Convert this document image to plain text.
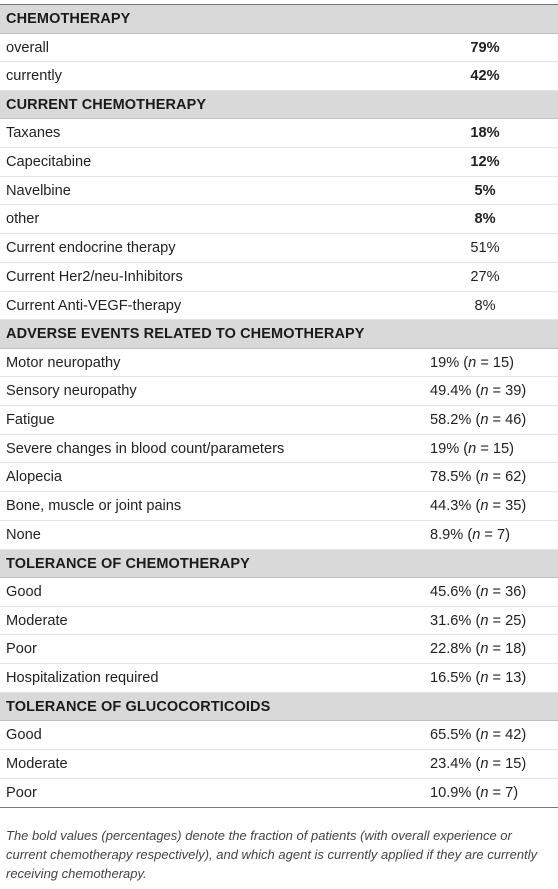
CHEMOTHERAPY
overall	79%
currently	42%
CURRENT CHEMOTHERAPY
Taxanes	18%
Capecitabine	12%
Navelbine	5%
other	8%
Current endocrine therapy	51%
Current Her2/neu-Inhibitors	27%
Current Anti-VEGF-therapy	8%
ADVERSE EVENTS RELATED TO CHEMOTHERAPY
Motor neuropathy	19% (n = 15)
Sensory neuropathy	49.4% (n = 39)
Fatigue	58.2% (n = 46)
Severe changes in blood count/parameters	19% (n = 15)
Alopecia	78.5% (n = 62)
Bone, muscle or joint pains	44.3% (n = 35)
None	8.9% (n = 7)
TOLERANCE OF CHEMOTHERAPY
Good	45.6% (n = 36)
Moderate	31.6% (n = 25)
Poor	22.8% (n = 18)
Hospitalization required	16.5% (n = 13)
TOLERANCE OF GLUCOCORTICOIDS
Good	65.5% (n = 42)
Moderate	23.4% (n = 15)
Poor	10.9% (n = 7)
The bold values (percentages) denote the fraction of patients (with overall experience or current chemotherapy respectively), and which agent is currently applied if they are currently receiving chemotherapy.
